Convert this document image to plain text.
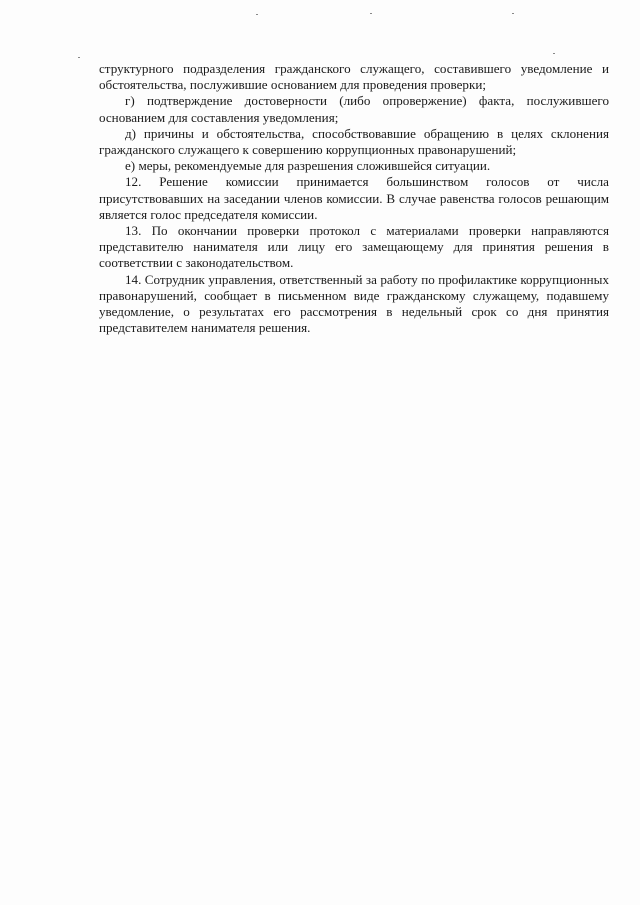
структурного подразделения гражданского служащего, составившего уведомление и обстоятельства, послужившие основанием для проведения проверки;

г) подтверждение достоверности (либо опровержение) факта, послужившего основанием для составления уведомления;

д) причины и обстоятельства, способствовавшие обращению в целях склонения гражданского служащего к совершению коррупционных правонарушений;

е) меры, рекомендуемые для разрешения сложившейся ситуации.

12. Решение комиссии принимается большинством голосов от числа присутствовавших на заседании членов комиссии. В случае равенства голосов решающим является голос председателя комиссии.

13. По окончании проверки протокол с материалами проверки направляются представителю нанимателя или лицу его замещающему для принятия решения в соответствии с законодательством.

14. Сотрудник управления, ответственный за работу по профилактике коррупционных правонарушений, сообщает в письменном виде гражданскому служащему, подавшему уведомление, о результатах его рассмотрения в недельный срок со дня принятия представителем нанимателя решения.
